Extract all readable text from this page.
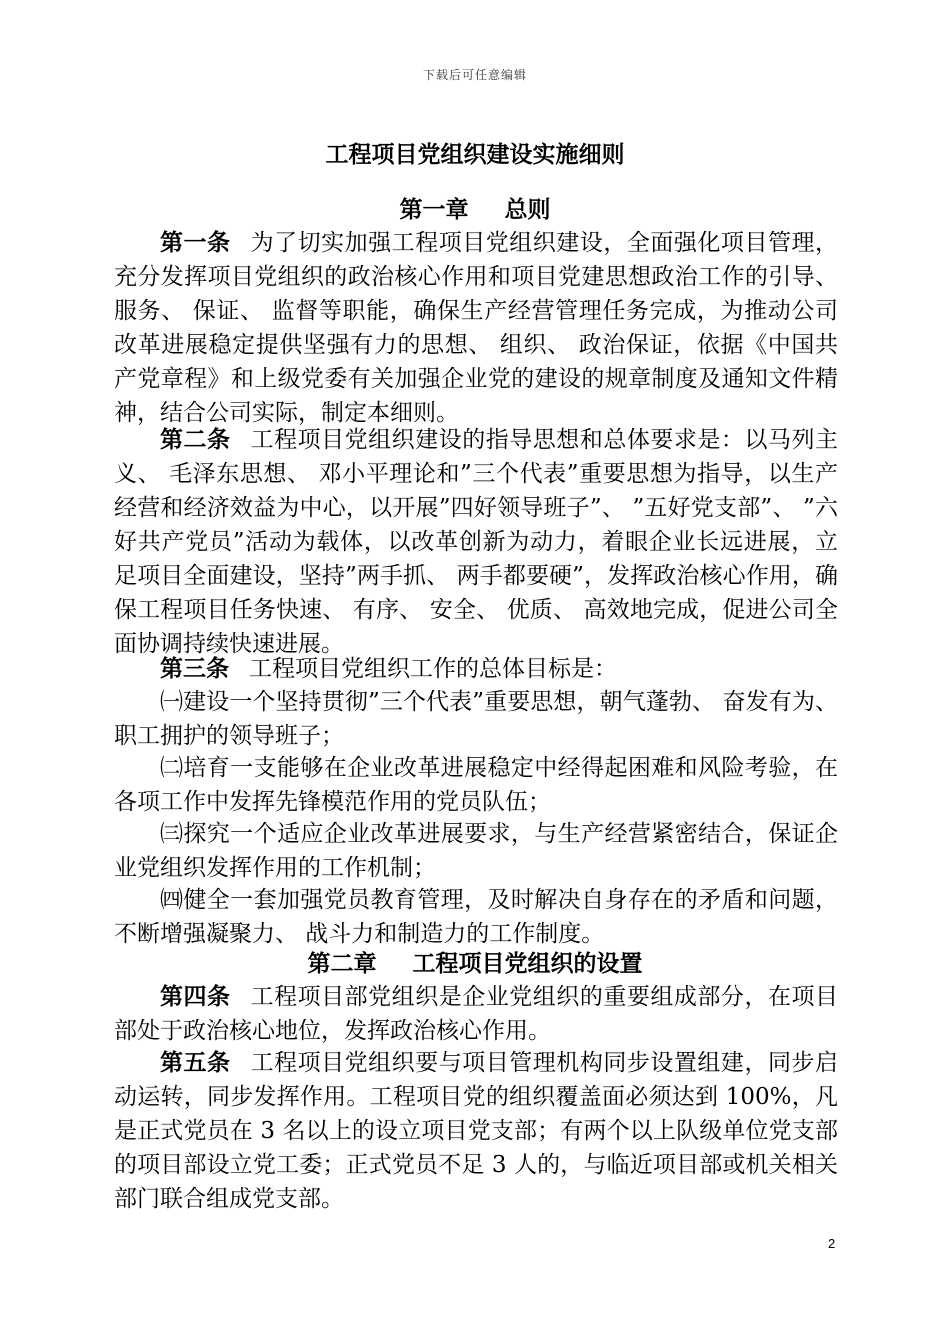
下载后可任意编辑
工程项目党组织建设实施细则
第一章 总则

第一条 为了切实加强工程项目党组织建设，全面强化项目管理，充分发挥项目党组织的政治核心作用和项目党建思想政治工作的引导、服务、 保证、 监督等职能，确保生产经营管理任务完成，为推动公司改革进展稳定提供坚强有力的思想、 组织、 政治保证，依据《中国共产党章程》和上级党委有关加强企业党的建设的规章制度及通知文件精神，结合公司实际，制定本细则。

第二条 工程项目党组织建设的指导思想和总体要求是：以马列主义、 毛泽东思想、 邓小平理论和”三个代表”重要思想为指导，以生产经营和经济效益为中心，以开展”四好领导班子”、 ”五好党支部”、 ”六好共产党员”活动为载体，以改革创新为动力，着眼企业长远进展，立足项目全面建设，坚持”两手抓、 两手都要硬”，发挥政治核心作用，确保工程项目任务快速、 有序、 安全、 优质、 高效地完成，促进公司全面协调持续快速进展。

第三条 工程项目党组织工作的总体目标是：

㈠建设一个坚持贯彻”三个代表”重要思想，朝气蓬勃、 奋发有为、 职工拥护的领导班子；

㈡培育一支能够在企业改革进展稳定中经得起困难和风险考验，在各项工作中发挥先锋模范作用的党员队伍；

㈢探究一个适应企业改革进展要求，与生产经营紧密结合，保证企业党组织发挥作用的工作机制；

㈣健全一套加强党员教育管理，及时解决自身存在的矛盾和问题，不断增强凝聚力、 战斗力和制造力的工作制度。

第二章 工程项目党组织的设置

第四条 工程项目部党组织是企业党组织的重要组成部分，在项目部处于政治核心地位，发挥政治核心作用。

第五条 工程项目党组织要与项目管理机构同步设置组建，同步启动运转，同步发挥作用。工程项目党的组织覆盖面必须达到 100%，凡是正式党员在 3 名以上的设立项目党支部；有两个以上队级单位党支部的项目部设立党工委；正式党员不足 3 人的，与临近项目部或机关相关部门联合组成党支部。

2
